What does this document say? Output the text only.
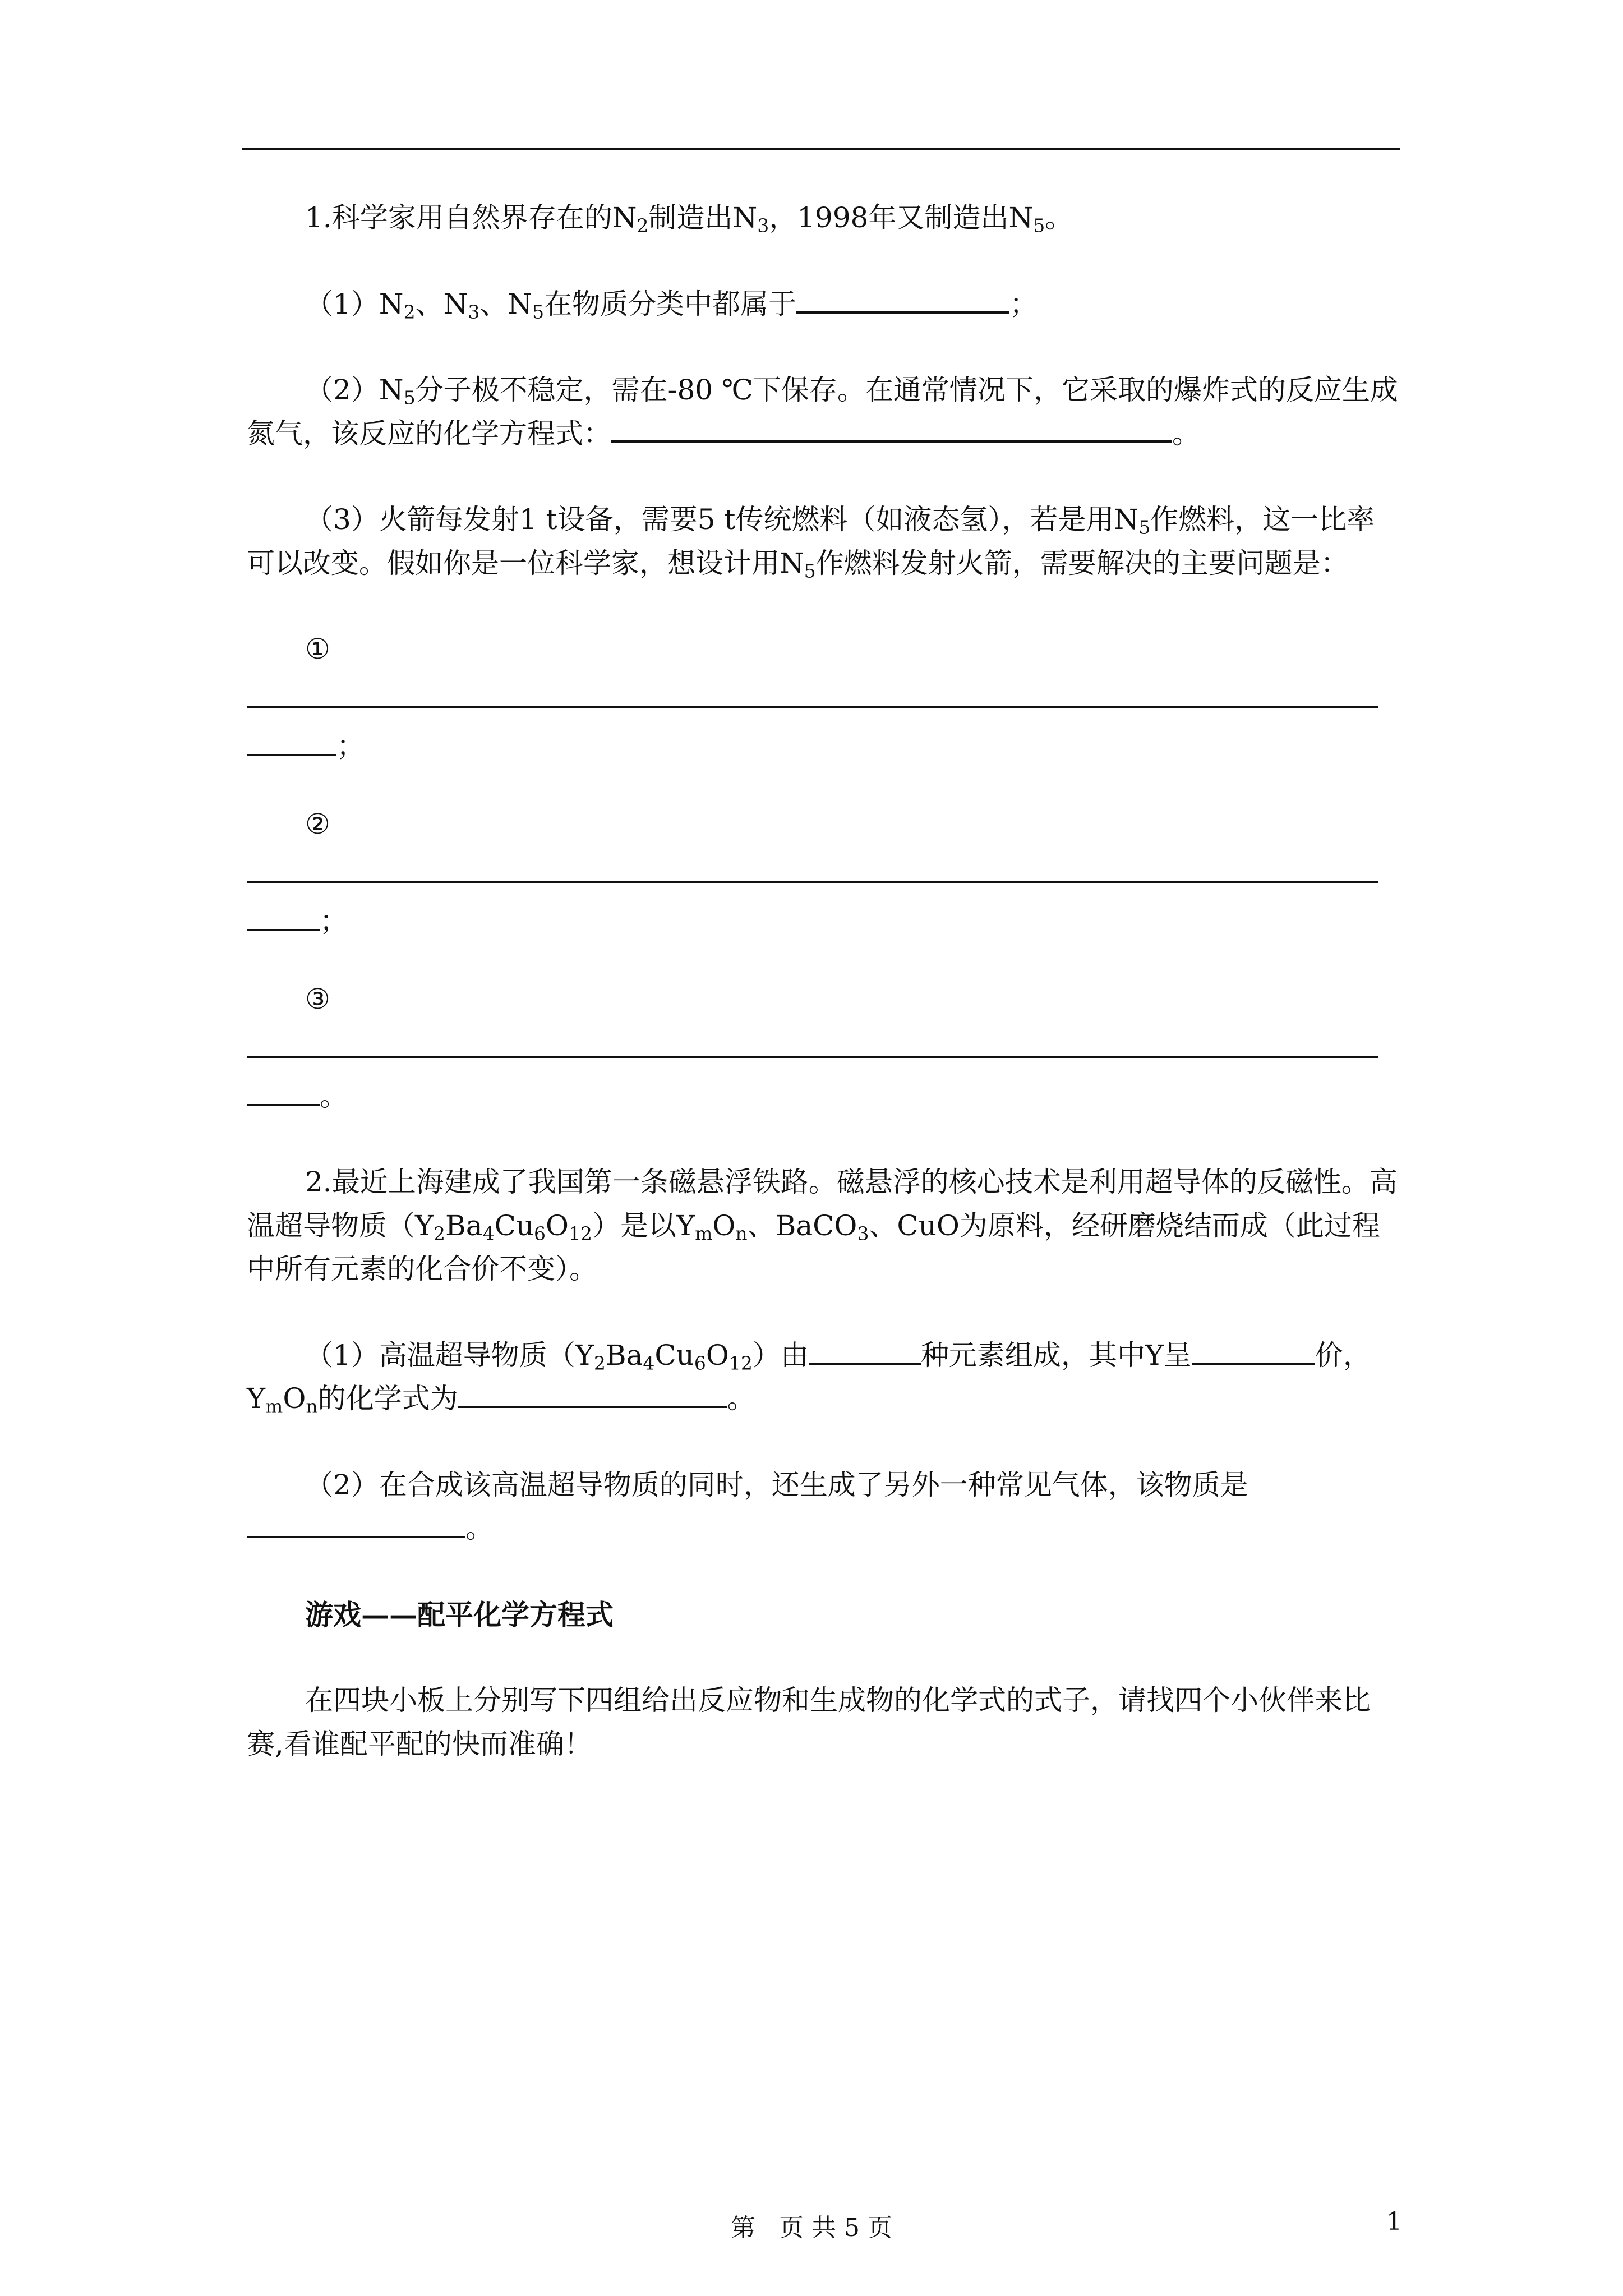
1.科学家用自然界存在的$N_2$制造出$N_3$，1998年又制造出$N_5$。

$(1)N_2$、$N_3$、$N_5$在物质分类中都属于	；

$(2)N_5$分子极不稳定，需在-80 ℃下保存。在通常情况下，它采取的爆炸式的反应生成氮气，该反应的化学方程式：	。

（3）火箭每发射1 t设备，需要5 t传统燃料（如液态氢），若是用$N_5$作燃料，这一比率可以改变。假如你是一位科学家，想设计用$N_5$作燃料发射火箭，需要解决的主要问题是：

①

；

②

；

③

。

2.最近上海建成了我国第一条磁悬浮铁路。磁悬浮的核心技术是利用超导体的反磁性。高温超导物质$(Y_2Ba_4Cu_6O_{12})$是以$Y_mO_n$、BaCO$_3$、CuO为原料，经研磨烧结而成（此过程中所有元素的化合价不变）。

（1）高温超导物质$(Y_2Ba_4Cu_6O_{12})$由	种元素组成，其中Y呈	价，$Y_mO_n$的化学式为	。

（2）在合成该高温超导物质的同时，还生成了另外一种常见气体，该物质是。

游戏——配平化学方程式

在四块小板上分别写下四组给出反应物和生成物的化学式的式子，请找四个小伙伴来比赛,看谁配平配的快而准确！

第   页 共 5 页	1
